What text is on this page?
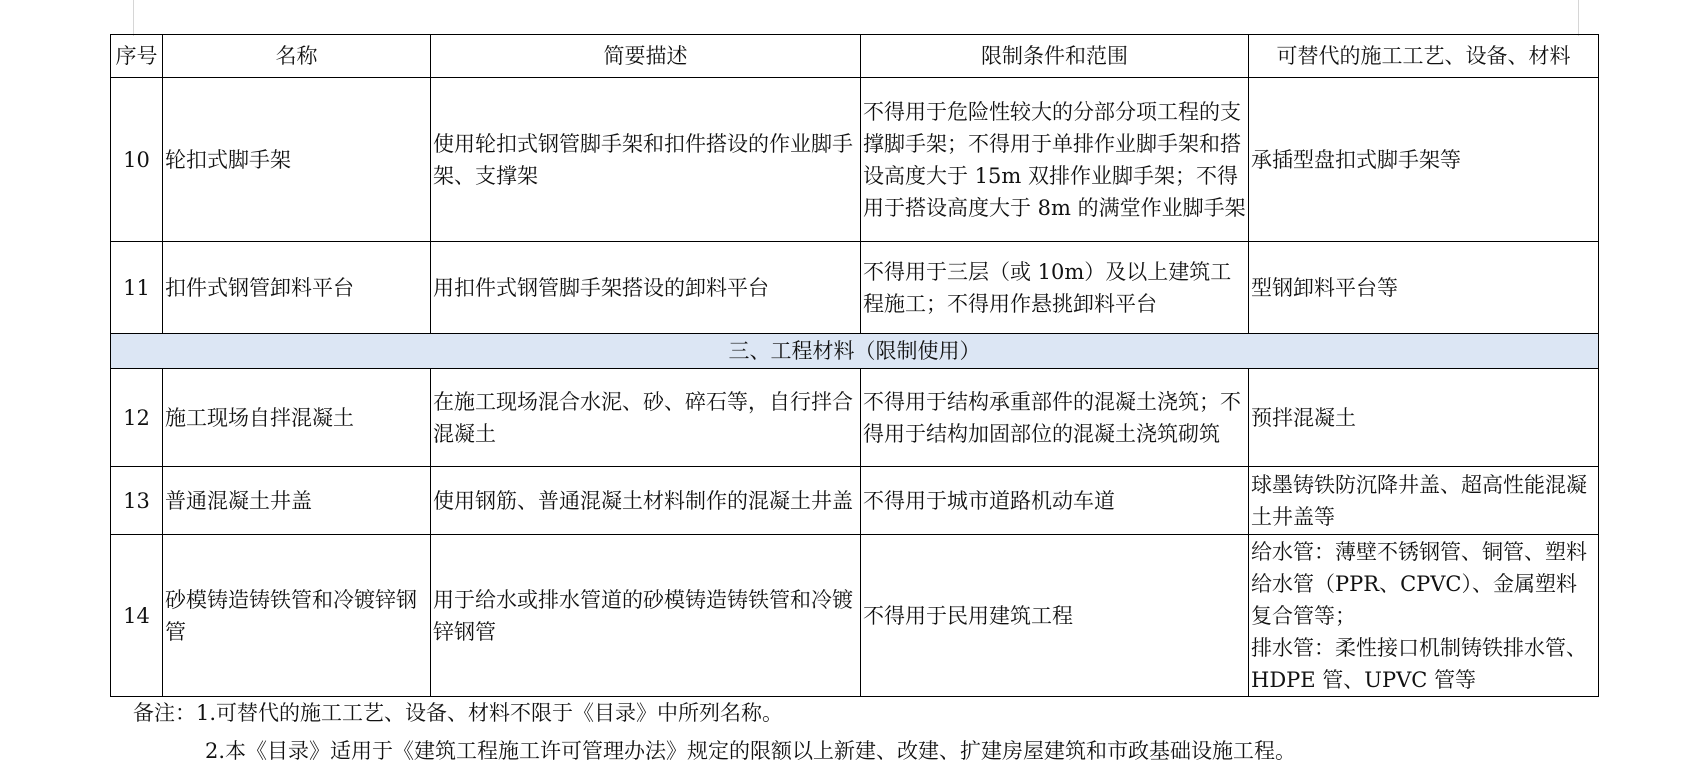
序号	名称	简要描述	限制条件和范围	可替代的施工工艺、设备、材料
10	轮扣式脚手架	使用轮扣式钢管脚手架和扣件搭设的作业脚手架、支撑架	不得用于危险性较大的分部分项工程的支撑脚手架；不得用于单排作业脚手架和搭设高度大于 15m 双排作业脚手架；不得用于搭设高度大于 8m 的满堂作业脚手架	承插型盘扣式脚手架等
11	扣件式钢管卸料平台	用扣件式钢管脚手架搭设的卸料平台	不得用于三层（或 10m）及以上建筑工程施工；不得用作悬挑卸料平台	型钢卸料平台等
三、工程材料（限制使用）				
12	施工现场自拌混凝土	在施工现场混合水泥、砂、碎石等，自行拌合混凝土	不得用于结构承重部件的混凝土浇筑；不得用于结构加固部位的混凝土浇筑砌筑	预拌混凝土
13	普通混凝土井盖	使用钢筋、普通混凝土材料制作的混凝土井盖	不得用于城市道路机动车道	球墨铸铁防沉降井盖、超高性能混凝土井盖等
14	砂模铸造铸铁管和冷镀锌钢管	用于给水或排水管道的砂模铸造铸铁管和冷镀锌钢管	不得用于民用建筑工程	给水管：薄壁不锈钢管、铜管、塑料给水管（PPR、CPVC）、金属塑料复合管等；
排水管：柔性接口机制铸铁排水管、HDPE 管、UPVC 管等
备注：1.可替代的施工工艺、设备、材料不限于《目录》中所列名称。
2.本《目录》适用于《建筑工程施工许可管理办法》规定的限额以上新建、改建、扩建房屋建筑和市政基础设施工程。
